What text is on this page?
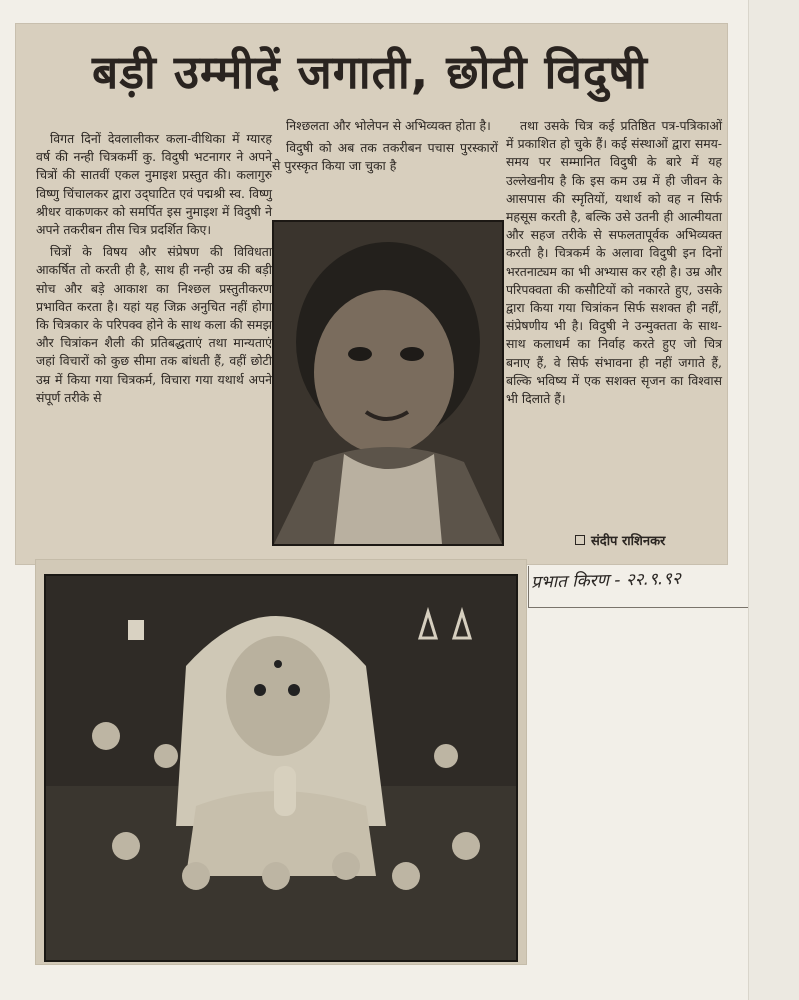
बड़ी उम्मीदें जगाती, छोटी विदुषी

विगत दिनों देवलालीकर कला-वीथिका में ग्यारह वर्ष की नन्ही चित्रकर्मी कु. विदुषी भटनागर ने अपने चित्रों की सातवीं एकल नुमाइश प्रस्तुत की। कलागुरु विष्णु चिंचालकर द्वारा उद्‌घाटित एवं पद्मश्री स्व. विष्णु श्रीधर वाकणकर को समर्पित इस नुमाइश में विदुषी ने अपने तकरीबन तीस चित्र प्रदर्शित किए।

चित्रों के विषय और संप्रेषण की विविधता आकर्षित तो करती ही है, साथ ही नन्ही उम्र की बड़ी सोच और बड़े आकाश का निश्छल प्रस्तुतीकरण प्रभावित करता है। यहां यह जिक्र अनुचित नहीं होगा कि चित्रकार के परिपक्व होने के साथ कला की समझ और चित्रांकन शैली की प्रतिबद्धताएं तथा मान्यताएं जहां विचारों को कुछ सीमा तक बांधती हैं, वहीं छोटी उम्र में किया गया चित्रकर्म, विचारा गया यथार्थ अपने संपूर्ण तरीके से

निश्छलता और भोलेपन से अभिव्यक्त होता है।

विदुषी को अब तक तकरीबन पचास पुरस्कारों से पुरस्कृत किया जा चुका है

तथा उसके चित्र कई प्रतिष्ठित पत्र-पत्रिकाओं में प्रकाशित हो चुके हैं। कई संस्थाओं द्वारा समय-समय पर सम्मानित विदुषी के बारे में यह उल्लेखनीय है कि इस कम उम्र में ही जीवन के आसपास की स्मृतियों, यथार्थ को वह न सिर्फ महसूस करती है, बल्कि उसे उतनी ही आत्मीयता और सहज तरीके से सफलतापूर्वक अभिव्यक्त करती है। चित्रकर्म के अलावा विदुषी इन दिनों भरतनाट्यम का भी अभ्यास कर रही है। उम्र और परिपक्वता की कसौटियों को नकारते हुए, उसके द्वारा किया गया चित्रांकन सिर्फ सशक्त ही नहीं, संप्रेषणीय भी है। विदुषी ने उन्मुक्तता के साथ-साथ कलाधर्म का निर्वाह करते हुए जो चित्र बनाए हैं, वे सिर्फ संभावना ही नहीं जगाते हैं, बल्कि भविष्य में एक सशक्त सृजन का विश्वास भी दिलाते हैं।

संदीप राशिनकर
प्रभात किरण - २२.९.९२
